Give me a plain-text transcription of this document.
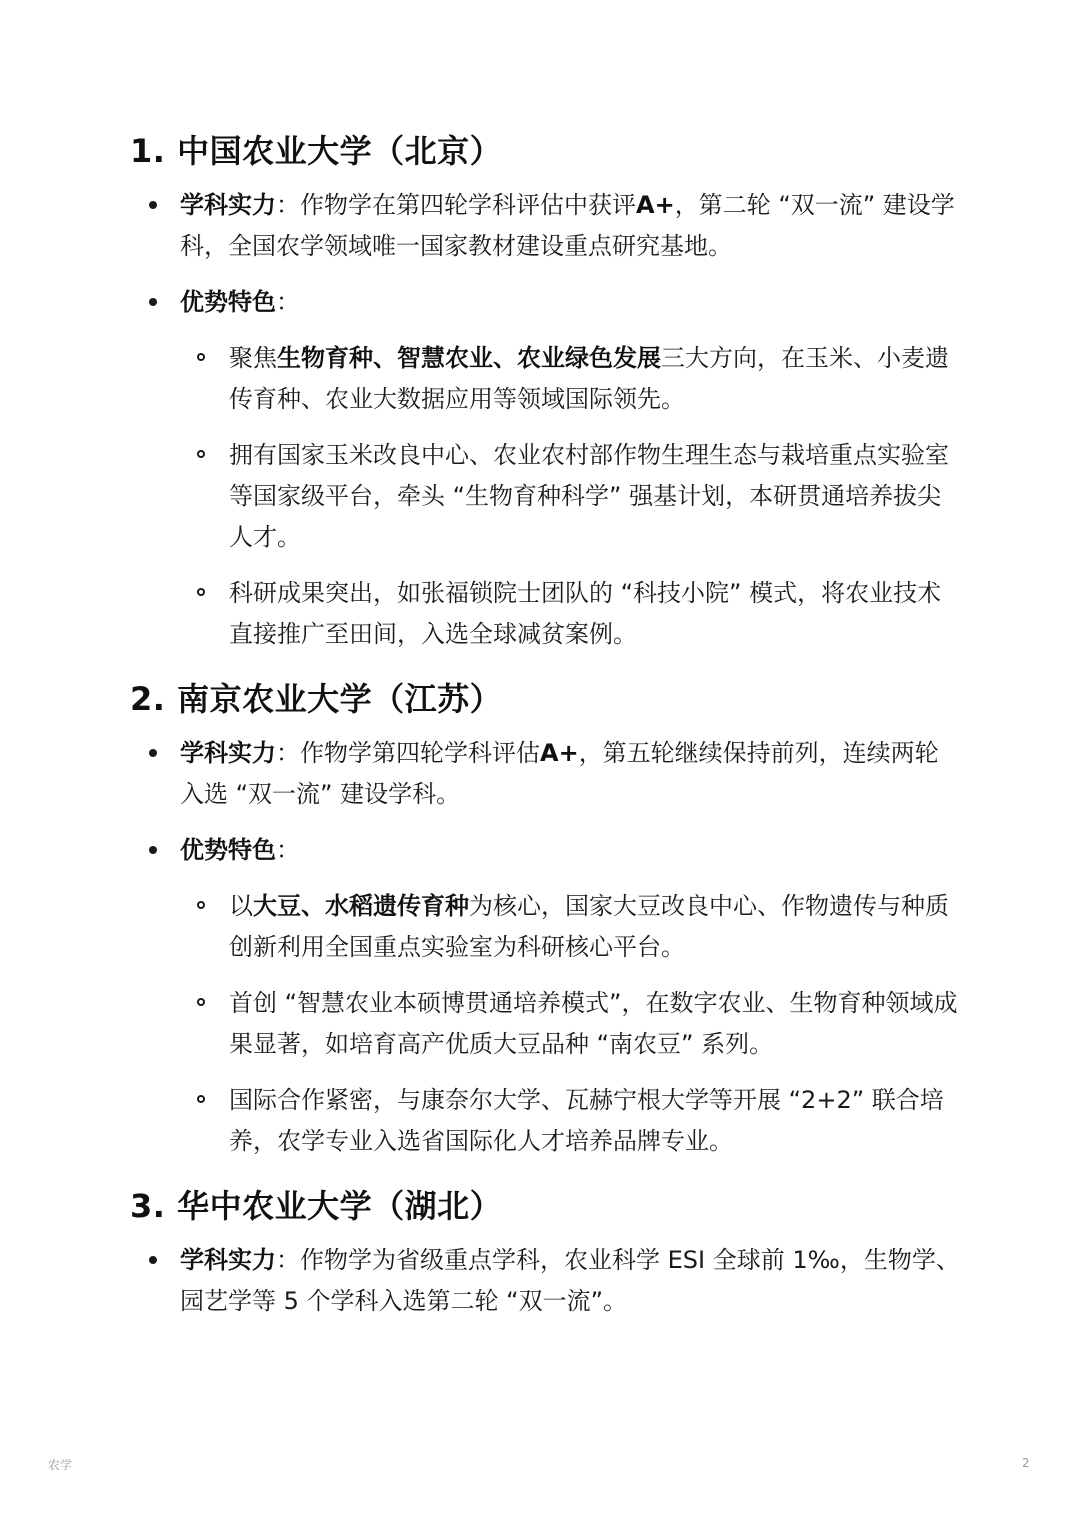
1. 中国农业大学（北京）
学科实力：作物学在第四轮学科评估中获评A+，第二轮 “双一流” 建设学科，全国农学领域唯一国家教材建设重点研究基地。
优势特色：
聚焦生物育种、智慧农业、农业绿色发展三大方向，在玉米、小麦遗传育种、农业大数据应用等领域国际领先。
拥有国家玉米改良中心、农业农村部作物生理生态与栽培重点实验室等国家级平台，牵头 “生物育种科学” 强基计划，本研贯通培养拔尖人才。
科研成果突出，如张福锁院士团队的 “科技小院” 模式，将农业技术直接推广至田间，入选全球减贫案例。
2. 南京农业大学（江苏）
学科实力：作物学第四轮学科评估A+，第五轮继续保持前列，连续两轮入选 “双一流” 建设学科。
优势特色：
以大豆、水稻遗传育种为核心，国家大豆改良中心、作物遗传与种质创新利用全国重点实验室为科研核心平台。
首创 “智慧农业本硕博贯通培养模式”，在数字农业、生物育种领域成果显著，如培育高产优质大豆品种 “南农豆” 系列。
国际合作紧密，与康奈尔大学、瓦赫宁根大学等开展 “2+2” 联合培养，农学专业入选省国际化人才培养品牌专业。
3. 华中农业大学（湖北）
学科实力：作物学为省级重点学科，农业科学 ESI 全球前 1‰，生物学、园艺学等 5 个学科入选第二轮 “双一流”。
农学	2
